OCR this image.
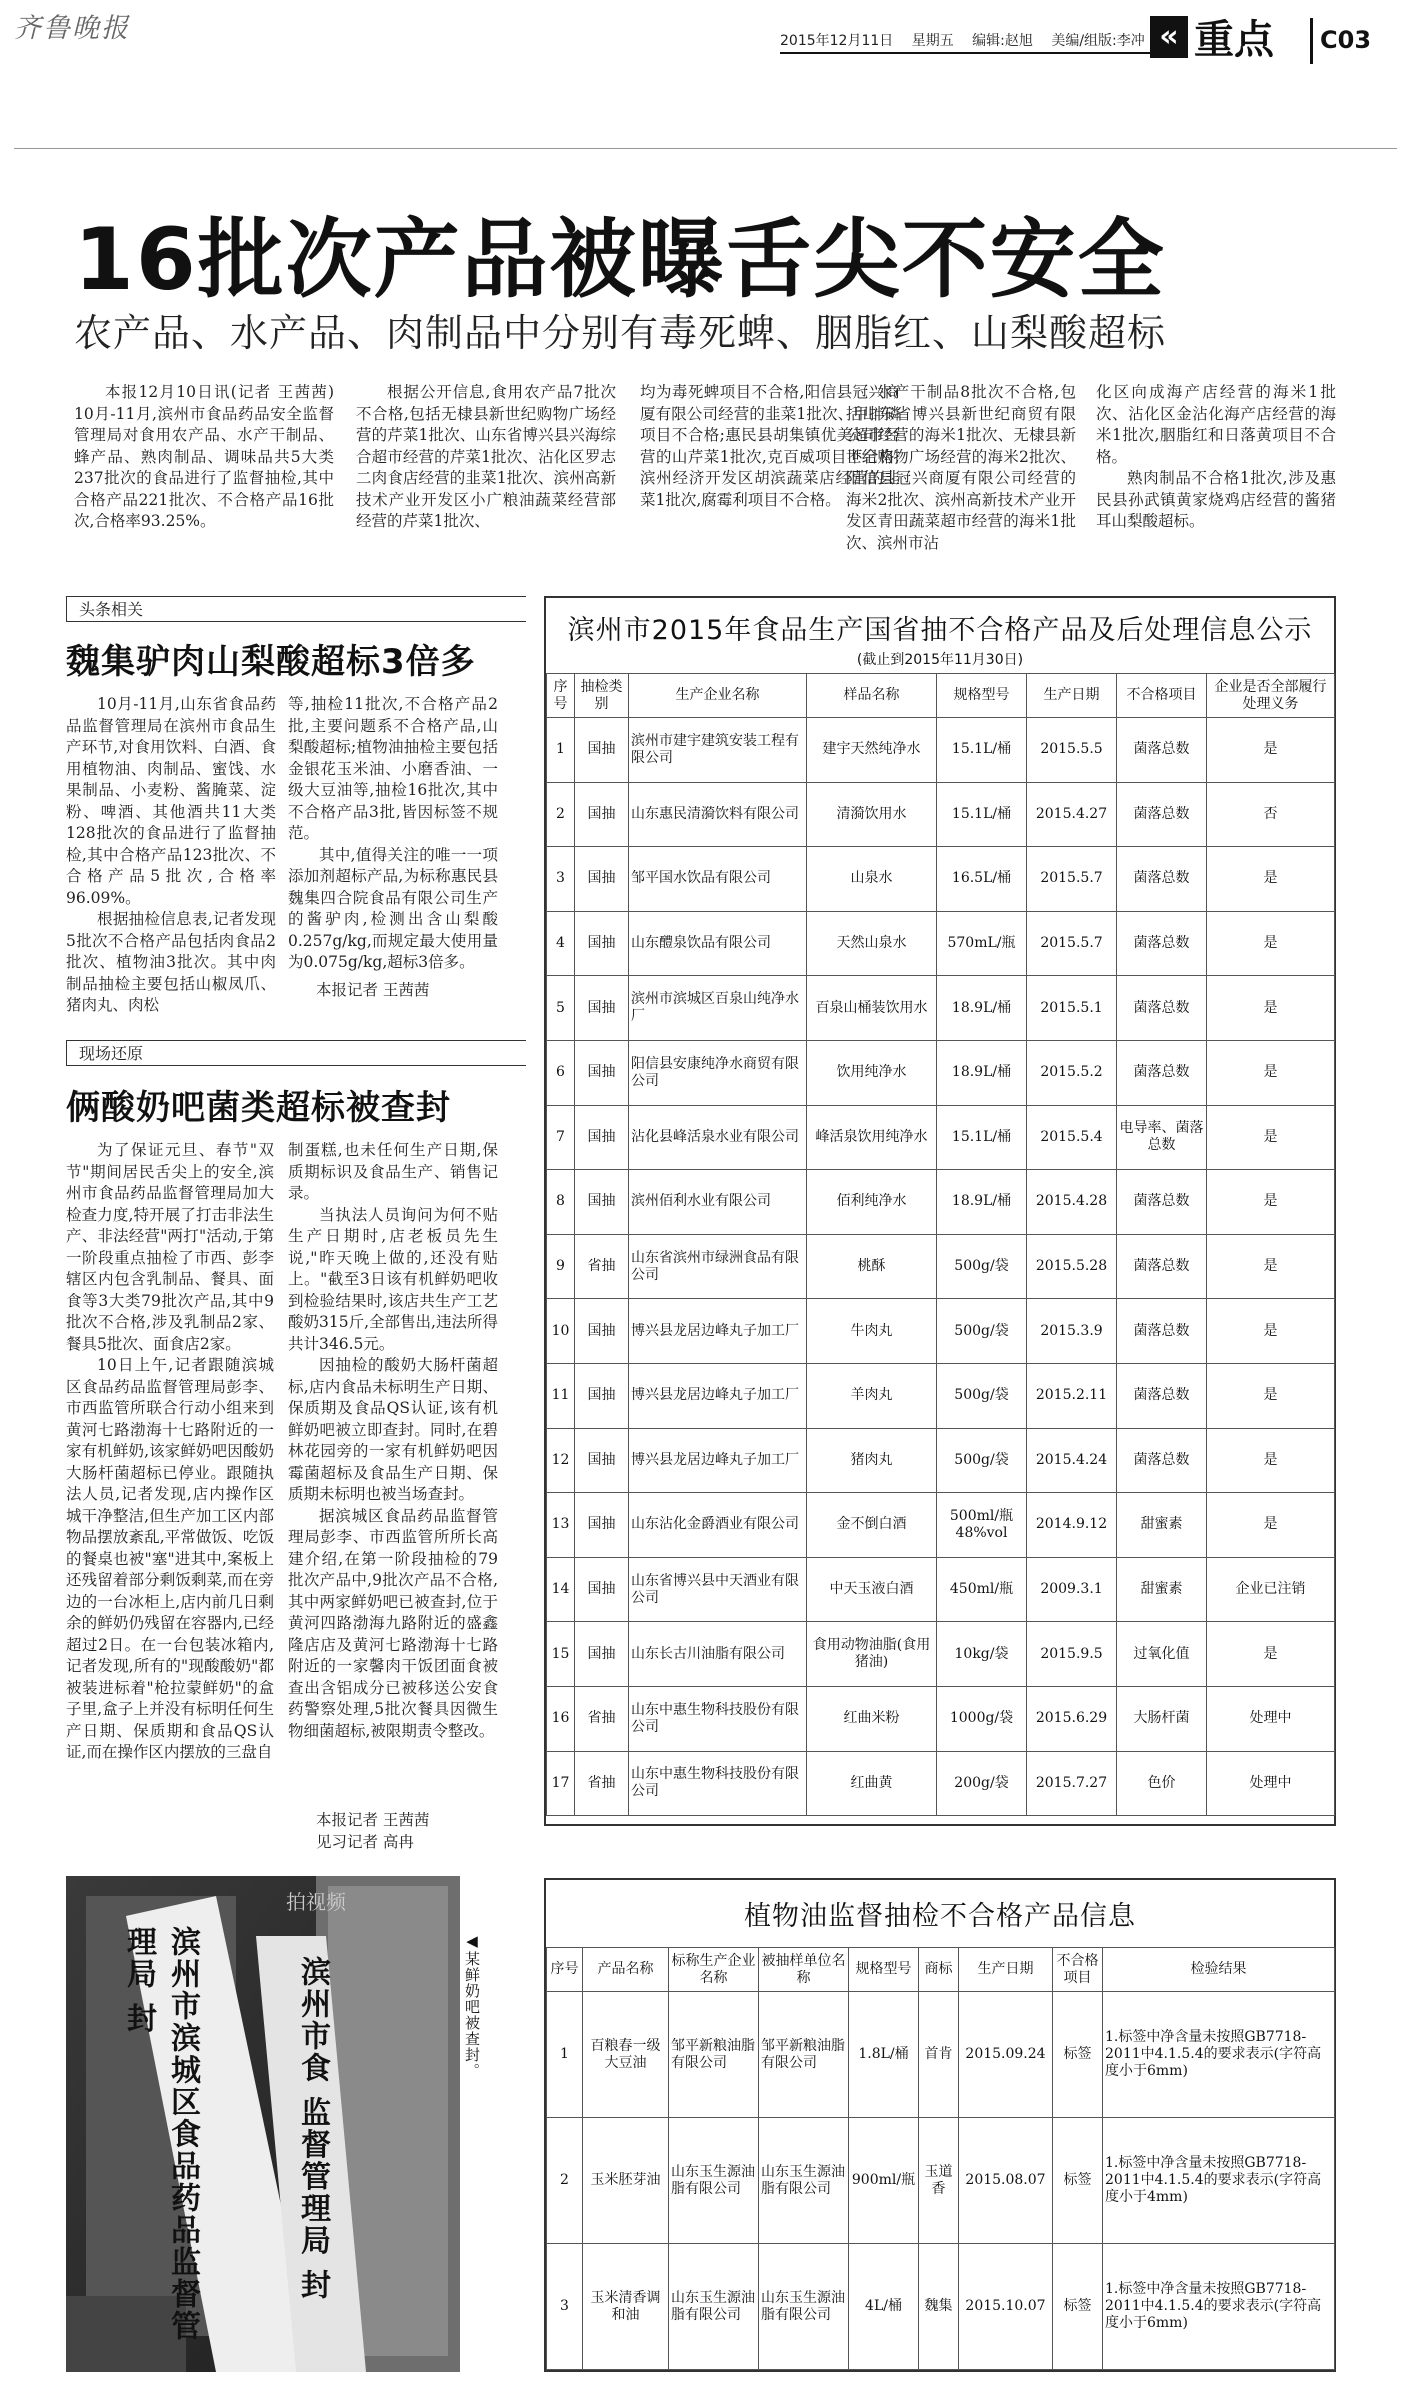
齐鲁晚报	2015年12月11日 星期五 编辑:赵旭 美编/组版:李冲 « 重点 C03
16批次产品被曝舌尖不安全
农产品、水产品、肉制品中分别有毒死蜱、胭脂红、山梨酸超标
本报12月10日讯(记者 王茜茜) 10月-11月,滨州市食品药品安全监督管理局对食用农产品、水产干制品、蜂产品、熟肉制品、调味品共5大类237批次的食品进行了监督抽检,其中合格产品221批次、不合格产品16批次,合格率93.25%。
根据公开信息,食用农产品7批次不合格,包括无棣县新世纪购物广场经营的芹菜1批次、山东省博兴县兴海综合超市经营的芹菜1批次、沾化区罗志二肉食店经营的韭菜1批次、滨州高新技术产业开发区小广粮油蔬菜经营部经营的芹菜1批次、
均为毒死蜱项目不合格,阳信县冠兴商厦有限公司经营的韭菜1批次、甲拌磷项目不合格;惠民县胡集镇优美超市经营的山芹菜1批次,克百威项目不合格;滨州经济开发区胡滨蔬菜店经营的韭菜1批次,腐霉利项目不合格。
水产干制品8批次不合格,包括山东省博兴县新世纪商贸有限公司经营的海米1批次、无棣县新世纪购物广场经营的海米2批次、阳信县冠兴商厦有限公司经营的海米2批次、滨州高新技术产业开发区青田蔬菜超市经营的海米1批次、滨州市沾
化区向成海产店经营的海米1批次、沾化区金沾化海产店经营的海米1批次,胭脂红和日落黄项目不合格。
熟肉制品不合格1批次,涉及惠民县孙武镇黄家烧鸡店经营的酱猪耳山梨酸超标。
头条相关
魏集驴肉山梨酸超标3倍多
10月-11月,山东省食品药品监督管理局在滨州市食品生产环节,对食用饮料、白酒、食用植物油、肉制品、蜜饯、水果制品、小麦粉、酱腌菜、淀粉、啤酒、其他酒共11大类128批次的食品进行了监督抽检,其中合格产品123批次、不合格产品5批次,合格率96.09%。
根据抽检信息表,记者发现5批次不合格产品包括肉食品2批次、植物油3批次。其中肉制品抽检主要包括山椒凤爪、猪肉丸、肉松
等,抽检11批次,不合格产品2批,主要问题系不合格产品,山梨酸超标;植物油抽检主要包括金银花玉米油、小磨香油、一级大豆油等,抽检16批次,其中不合格产品3批,皆因标签不规范。
其中,值得关注的唯一一项添加剂超标产品,为标称惠民县魏集四合院食品有限公司生产的酱驴肉,检测出含山梨酸0.257g/kg,而规定最大使用量为0.075g/kg,超标3倍多。
本报记者 王茜茜
现场还原
俩酸奶吧菌类超标被查封
为了保证元旦、春节"双节"期间居民舌尖上的安全,滨州市食品药品监督管理局加大检查力度,特开展了打击非法生产、非法经营"两打"活动,于第一阶段重点抽检了市西、彭李辖区内包含乳制品、餐具、面食等3大类79批次产品,其中9批次不合格,涉及乳制品2家、餐具5批次、面食店2家。
10日上午,记者跟随滨城区食品药品监督管理局彭李、市西监管所联合行动小组来到黄河七路渤海十七路附近的一家有机鲜奶,该家鲜奶吧因酸奶大肠杆菌超标已停业。跟随执法人员,记者发现,店内操作区城干净整洁,但生产加工区内部物品摆放紊乱,平常做饭、吃饭的餐桌也被"塞"进其中,案板上还残留着部分剩饭剩菜,而在旁边的一台冰柜上,店内前几日剩余的鲜奶仍残留在容器内,已经超过2日。在一台包装冰箱内,记者发现,所有的"现酸酸奶"都被装进标着"枪拉蒙鲜奶"的盒子里,盒子上并没有标明任何生产日期、保质期和食品QS认证,而在操作区内摆放的三盘自
制蛋糕,也未任何生产日期,保质期标识及食品生产、销售记录。
当执法人员询问为何不贴生产日期时,店老板员先生说,"昨天晚上做的,还没有贴上。"截至3日该有机鲜奶吧收到检验结果时,该店共生产工艺酸奶315斤,全部售出,违法所得共计346.5元。
因抽检的酸奶大肠杆菌超标,店内食品未标明生产日期、保质期及食品QS认证,该有机鲜奶吧被立即查封。同时,在碧林花园旁的一家有机鲜奶吧因霉菌超标及食品生产日期、保质期未标明也被当场查封。
据滨城区食品药品监督管理局彭李、市西监管所所长高建介绍,在第一阶段抽检的79批次产品中,9批次产品不合格,其中两家鲜奶吧已被查封,位于黄河四路渤海九路附近的盛鑫隆店店及黄河七路渤海十七路附近的一家馨肉干饭团面食被查出含铝成分已被移送公安食药警察处理,5批次餐具因微生物细菌超标,被限期责令整改。
本报记者 王茜茜
见习记者 高冉
拍视频
滨州市滨城区食品药品监督管理局 封	滨州市食 监督管理局 封	◀某鲜奶吧被查封。
滨州市2015年食品生产国省抽不合格产品及后处理信息公示
(截止到2015年11月30日)
序号	抽检类别	生产企业名称	样品名称	规格型号	生产日期	不合格项目	企业是否全部履行处理义务
1	国抽	滨州市建宇建筑安装工程有限公司	建宇天然纯净水	15.1L/桶	2015.5.5	菌落总数	是
2	国抽	山东惠民清漪饮料有限公司	清漪饮用水	15.1L/桶	2015.4.27	菌落总数	否
3	国抽	邹平国水饮品有限公司	山泉水	16.5L/桶	2015.5.7	菌落总数	是
4	国抽	山东醴泉饮品有限公司	天然山泉水	570mL/瓶	2015.5.7	菌落总数	是
5	国抽	滨州市滨城区百泉山纯净水厂	百泉山桶装饮用水	18.9L/桶	2015.5.1	菌落总数	是
6	国抽	阳信县安康纯净水商贸有限公司	饮用纯净水	18.9L/桶	2015.5.2	菌落总数	是
7	国抽	沾化县峰活泉水业有限公司	峰活泉饮用纯净水	15.1L/桶	2015.5.4	电导率、菌落总数	是
8	国抽	滨州佰利水业有限公司	佰利纯净水	18.9L/桶	2015.4.28	菌落总数	是
9	省抽	山东省滨州市绿洲食品有限公司	桃酥	500g/袋	2015.5.28	菌落总数	是
10	国抽	博兴县龙居边峰丸子加工厂	牛肉丸	500g/袋	2015.3.9	菌落总数	是
11	国抽	博兴县龙居边峰丸子加工厂	羊肉丸	500g/袋	2015.2.11	菌落总数	是
12	国抽	博兴县龙居边峰丸子加工厂	猪肉丸	500g/袋	2015.4.24	菌落总数	是
13	国抽	山东沾化金爵酒业有限公司	金不倒白酒	500ml/瓶 48%vol	2014.9.12	甜蜜素	是
14	国抽	山东省博兴县中天酒业有限公司	中天玉液白酒	450ml/瓶	2009.3.1	甜蜜素	企业已注销
15	国抽	山东长古川油脂有限公司	食用动物油脂(食用猪油)	10kg/袋	2015.9.5	过氧化值	是
16	省抽	山东中惠生物科技股份有限公司	红曲米粉	1000g/袋	2015.6.29	大肠杆菌	处理中
17	省抽	山东中惠生物科技股份有限公司	红曲黄	200g/袋	2015.7.27	色价	处理中
植物油监督抽检不合格产品信息
序号	产品名称	标称生产企业名称	被抽样单位名称	规格型号	商标	生产日期	不合格项目	检验结果
1	百粮春一级大豆油	邹平新粮油脂有限公司	邹平新粮油脂有限公司	1.8L/桶	首肯	2015.09.24	标签	1.标签中净含量未按照GB7718-2011中4.1.5.4的要求表示(字符高度小于6mm)
2	玉米胚芽油	山东玉生源油脂有限公司	山东玉生源油脂有限公司	900ml/瓶	玉道香	2015.08.07	标签	1.标签中净含量未按照GB7718-2011中4.1.5.4的要求表示(字符高度小于4mm)
3	玉米清香调和油	山东玉生源油脂有限公司	山东玉生源油脂有限公司	4L/桶	魏集	2015.10.07	标签	1.标签中净含量未按照GB7718-2011中4.1.5.4的要求表示(字符高度小于6mm)
